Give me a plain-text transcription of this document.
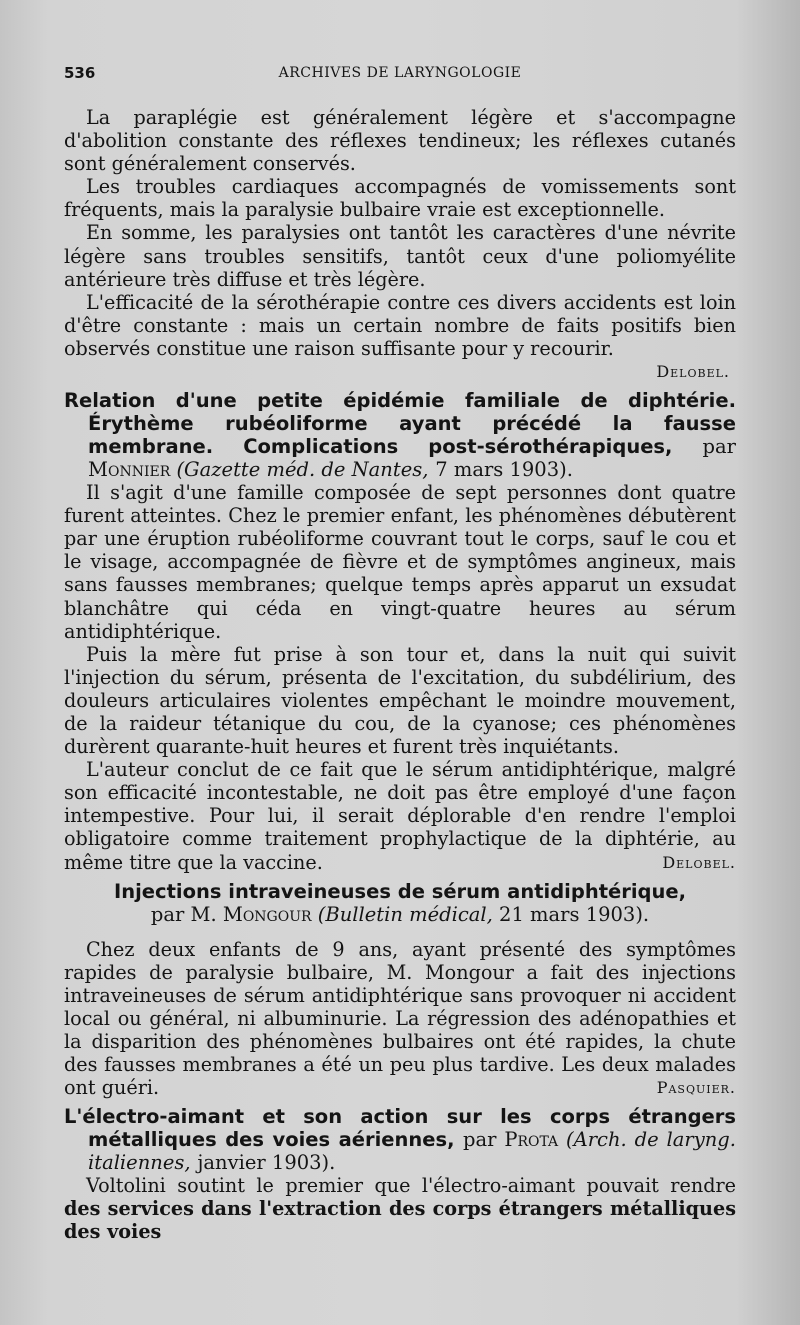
536	ARCHIVES DE LARYNGOLOGIE

La paraplégie est généralement légère et s'accompagne d'abolition constante des réflexes tendineux; les réflexes cutanés sont généralement conservés.

Les troubles cardiaques accompagnés de vomissements sont fréquents, mais la paralysie bulbaire vraie est exceptionnelle.

En somme, les paralysies ont tantôt les caractères d'une névrite légère sans troubles sensitifs, tantôt ceux d'une poliomyélite antérieure très diffuse et très légère.

L'efficacité de la sérothérapie contre ces divers accidents est loin d'être constante : mais un certain nombre de faits positifs bien observés constitue une raison suffisante pour y recourir.

Delobel.
Relation d'une petite épidémie familiale de diphtérie. Érythème rubéoliforme ayant précédé la fausse membrane. Complications post-sérothérapiques, par Monnier (Gazette méd. de Nantes, 7 mars 1903).

Il s'agit d'une famille composée de sept personnes dont quatre furent atteintes. Chez le premier enfant, les phénomènes débutèrent par une éruption rubéoliforme couvrant tout le corps, sauf le cou et le visage, accompagnée de fièvre et de symptômes angineux, mais sans fausses membranes; quelque temps après apparut un exsudat blanchâtre qui céda en vingt-quatre heures au sérum antidiphtérique.

Puis la mère fut prise à son tour et, dans la nuit qui suivit l'injection du sérum, présenta de l'excitation, du subdélirium, des douleurs articulaires violentes empêchant le moindre mouvement, de la raideur tétanique du cou, de la cyanose; ces phénomènes durèrent quarante-huit heures et furent très inquiétants.

L'auteur conclut de ce fait que le sérum antidiphtérique, malgré son efficacité incontestable, ne doit pas être employé d'une façon intempestive. Pour lui, il serait déplorable d'en rendre l'emploi obligatoire comme traitement prophylactique de la diphtérie, au même titre que la vaccine.	Delobel.

Injections intraveineuses de sérum antidiphtérique,
par M. Mongour (Bulletin médical, 21 mars 1903).

Chez deux enfants de 9 ans, ayant présenté des symptômes rapides de paralysie bulbaire, M. Mongour a fait des injections intraveineuses de sérum antidiphtérique sans provoquer ni accident local ou général, ni albuminurie. La régression des adénopathies et la disparition des phénomènes bulbaires ont été rapides, la chute des fausses membranes a été un peu plus tardive. Les deux malades ont guéri.	Pasquier.

L'électro-aimant et son action sur les corps étrangers métalliques des voies aériennes, par Prota (Arch. de laryng. italiennes, janvier 1903).

Voltolini soutint le premier que l'électro-aimant pouvait rendre des services dans l'extraction des corps étrangers métalliques des voies
